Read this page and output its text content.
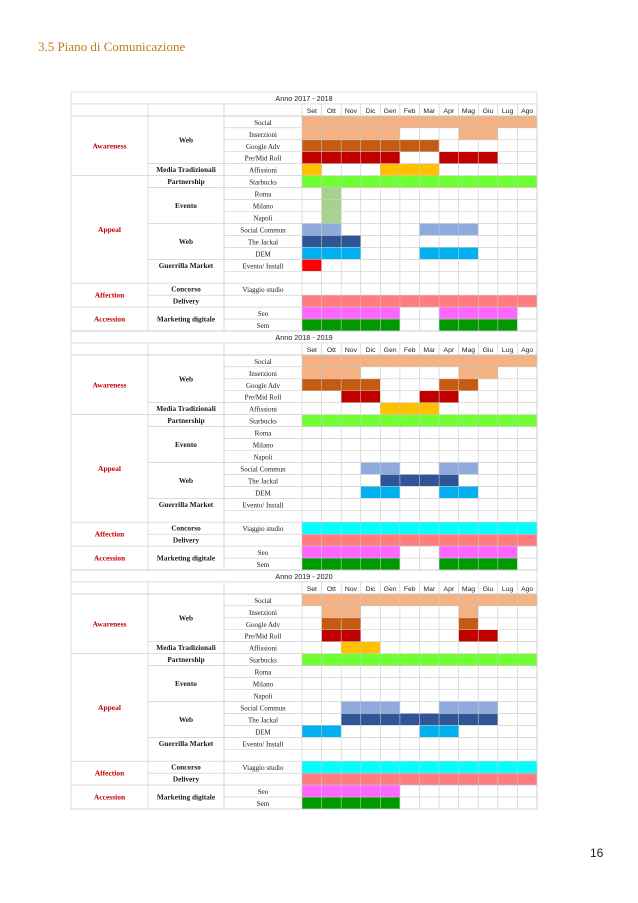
3.5 Piano di Comunicazione
Anno 2017 - 2018
Set Ott Nov Dic Gen Feb Mar Apr Mag Giu Lug Ago
Awareness
Appeal
Affection
Accession
Web
Media Tradizionali
Partnership
Evento
Web
Guerrilla Market
Concorso
Delivery
Marketing digitale
Social
Inserzioni
Google Adv
Pre/Mid Roll
Affissioni
Starbucks
Roma
Milano
Napoli
Social Commun
The Jackal
DEM
Evento/ Install
Viaggio studio
Seo
Sem
Anno 2018 - 2019
Set Ott Nov Dic Gen Feb Mar Apr Mag Giu Lug Ago
Awareness
Appeal
Affection
Accession
Web
Media Tradizionali
Partnership
Evento
Web
Guerrilla Market
Concorso
Delivery
Marketing digitale
Social
Inserzioni
Google Adv
Pre/Mid Roll
Affissioni
Starbucks
Roma
Milano
Napoli
Social Commun
The Jackal
DEM
Evento/ Install
Viaggio studio
Seo
Sem
Anno 2019 - 2020
Set Ott Nov Dic Gen Feb Mar Apr Mag Giu Lug Ago
Awareness
Appeal
Affection
Accession
Web
Media Tradizionali
Partnership
Evento
Web
Guerrilla Market
Concorso
Delivery
Marketing digitale
Social
Inserzioni
Google Adv
Pre/Mid Roll
Affissioni
Starbucks
Roma
Milano
Napoli
Social Commun
The Jackal
DEM
Evento/ Install
Viaggio studio
Seo
Sem
16
